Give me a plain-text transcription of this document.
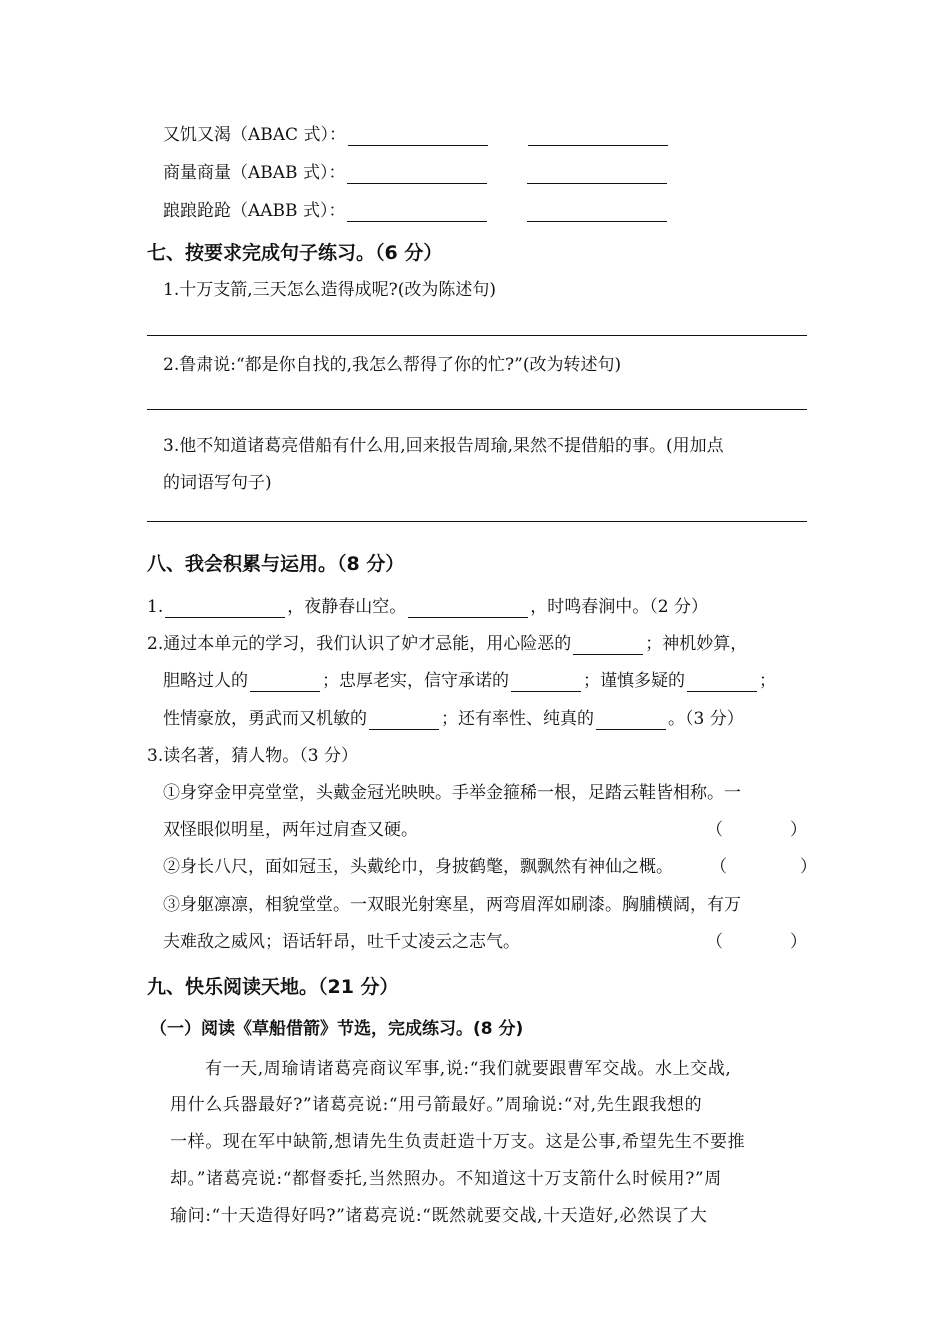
又饥又渴（ABAC 式）：
商量商量（ABAB 式）：
踉踉跄跄（AABB 式）：
七、按要求完成句子练习。（6 分）
1.十万支箭,三天怎么造得成呢?(改为陈述句)
2.鲁肃说:“都是你自找的,我怎么帮得了你的忙?”(改为转述句)
3.他不知道诸葛亮借船有什么用,回来报告周瑜,果然不提借船的事。(用加点
的词语写句子)
八、我会积累与运用。（8 分）
1.	，夜静春山空。	，时鸣春涧中。（2 分）
2.通过本单元的学习，我们认识了妒才忌能，用心险恶的	；神机妙算，
胆略过人的	；忠厚老实，信守承诺的	；谨慎多疑的	；
性情豪放，勇武而又机敏的	；还有率性、纯真的	。（3 分）
3.读名著，猜人物。（3 分）
①身穿金甲亮堂堂，头戴金冠光映映。手举金箍稀一根，足踏云鞋皆相称。一
双怪眼似明星，两年过肩查又硬。	（	）
②身长八尺，面如冠玉，头戴纶巾，身披鹤氅，飘飘然有神仙之概。 （	）
③身躯凛凛，相貌堂堂。一双眼光射寒星，两弯眉浑如刷漆。胸脯横阔，有万
夫难敌之威风；语话轩昂，吐千丈凌云之志气。	（	）
九、快乐阅读天地。（21 分）
（一）阅读《草船借箭》节选，完成练习。(8 分)
有一天,周瑜请诸葛亮商议军事,说:“我们就要跟曹军交战。水上交战,
用什么兵器最好?”诸葛亮说:“用弓箭最好。”周瑜说:“对,先生跟我想的
一样。现在军中缺箭,想请先生负责赶造十万支。这是公事,希望先生不要推
却。”诸葛亮说:“都督委托,当然照办。不知道这十万支箭什么时候用?”周
瑜问:“十天造得好吗?”诸葛亮说:“既然就要交战,十天造好,必然误了大
